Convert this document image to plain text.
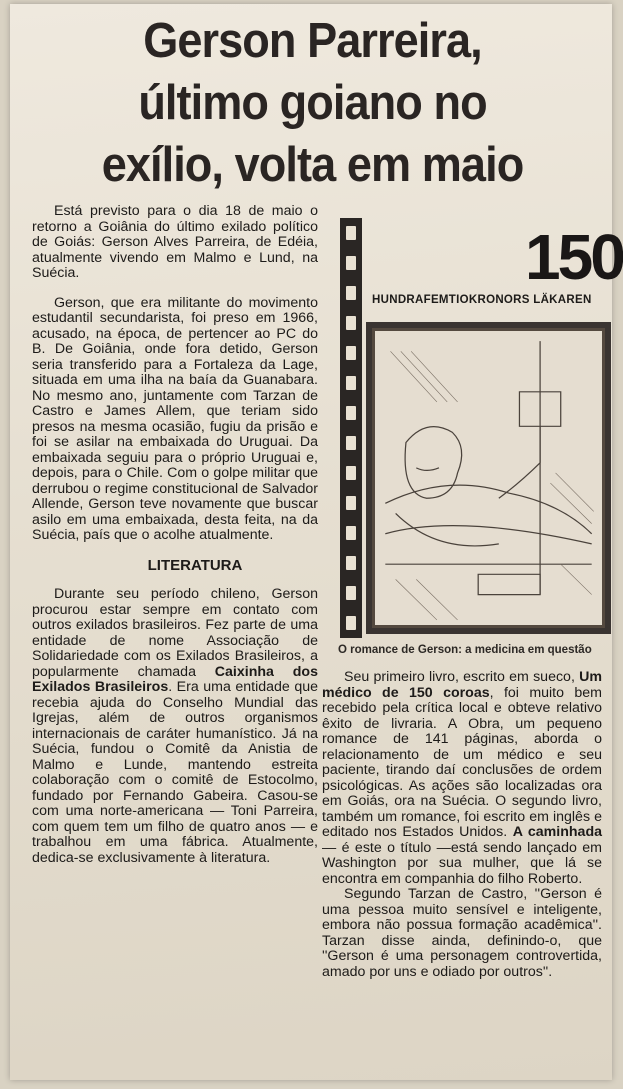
Gerson Parreira,
último goiano no
exílio, volta em maio

Está previsto para o dia 18 de maio o retorno a Goiânia do último exilado político de Goiás: Gerson Alves Parreira, de Edéia, atualmente vivendo em Malmo e Lund, na Suécia.

Gerson, que era militante do movimento estudantil secundarista, foi preso em 1966, acusado, na época, de pertencer ao PC do B. De Goiânia, onde fora detido, Gerson seria transferido para a Fortaleza da Lage, situada em uma ilha na baía da Guanabara. No mesmo ano, juntamente com Tarzan de Castro e James Allem, que teriam sido presos na mesma ocasião, fugiu da prisão e foi se asilar na embaixada do Uruguai. Da embaixada seguiu para o próprio Uruguai e, depois, para o Chile. Com o golpe militar que derrubou o regime constitucional de Salvador Allende, Gerson teve novamente que buscar asilo em uma embaixada, desta feita, na da Suécia, país que o acolhe atualmente.

LITERATURA

Durante seu período chileno, Gerson procurou estar sempre em contato com outros exilados brasileiros. Fez parte de uma entidade de nome Associação de Solidariedade com os Exilados Brasileiros, a popularmente chamada Caixinha dos Exilados Brasileiros. Era uma entidade que recebia ajuda do Conselho Mundial das Igrejas, além de outros organismos internacionais de caráter humanístico. Já na Suécia, fundou o Comitê da Anistia de Malmo e Lunde, mantendo estreita colaboração com o comitê de Estocolmo, fundado por Fernando Gabeira. Casou-se com uma norte-americana — Toni Parreira, com quem tem um filho de quatro anos — e trabalhou em uma fábrica. Atualmente, dedica-se exclusivamente à literatura.

150
HUNDRAFEMTIOKRONORS LÄKAREN
O romance de Gerson: a medicina em questão

Seu primeiro livro, escrito em sueco, Um médico de 150 coroas, foi muito bem recebido pela crítica local e obteve relativo êxito de livraria. A Obra, um pequeno romance de 141 páginas, aborda o relacionamento de um médico e seu paciente, tirando daí conclusões de ordem psicológicas. As ações são localizadas ora em Goiás, ora na Suécia. O segundo livro, também um romance, foi escrito em inglês e editado nos Estados Unidos. A caminhada — é este o título —está sendo lançado em Washington por sua mulher, que lá se encontra em companhia do filho Roberto.

Segundo Tarzan de Castro, ''Gerson é uma pessoa muito sensível e inteligente, embora não possua formação acadêmica''. Tarzan disse ainda, definindo-o, que ''Gerson é uma personagem controvertida, amado por uns e odiado por outros''.
